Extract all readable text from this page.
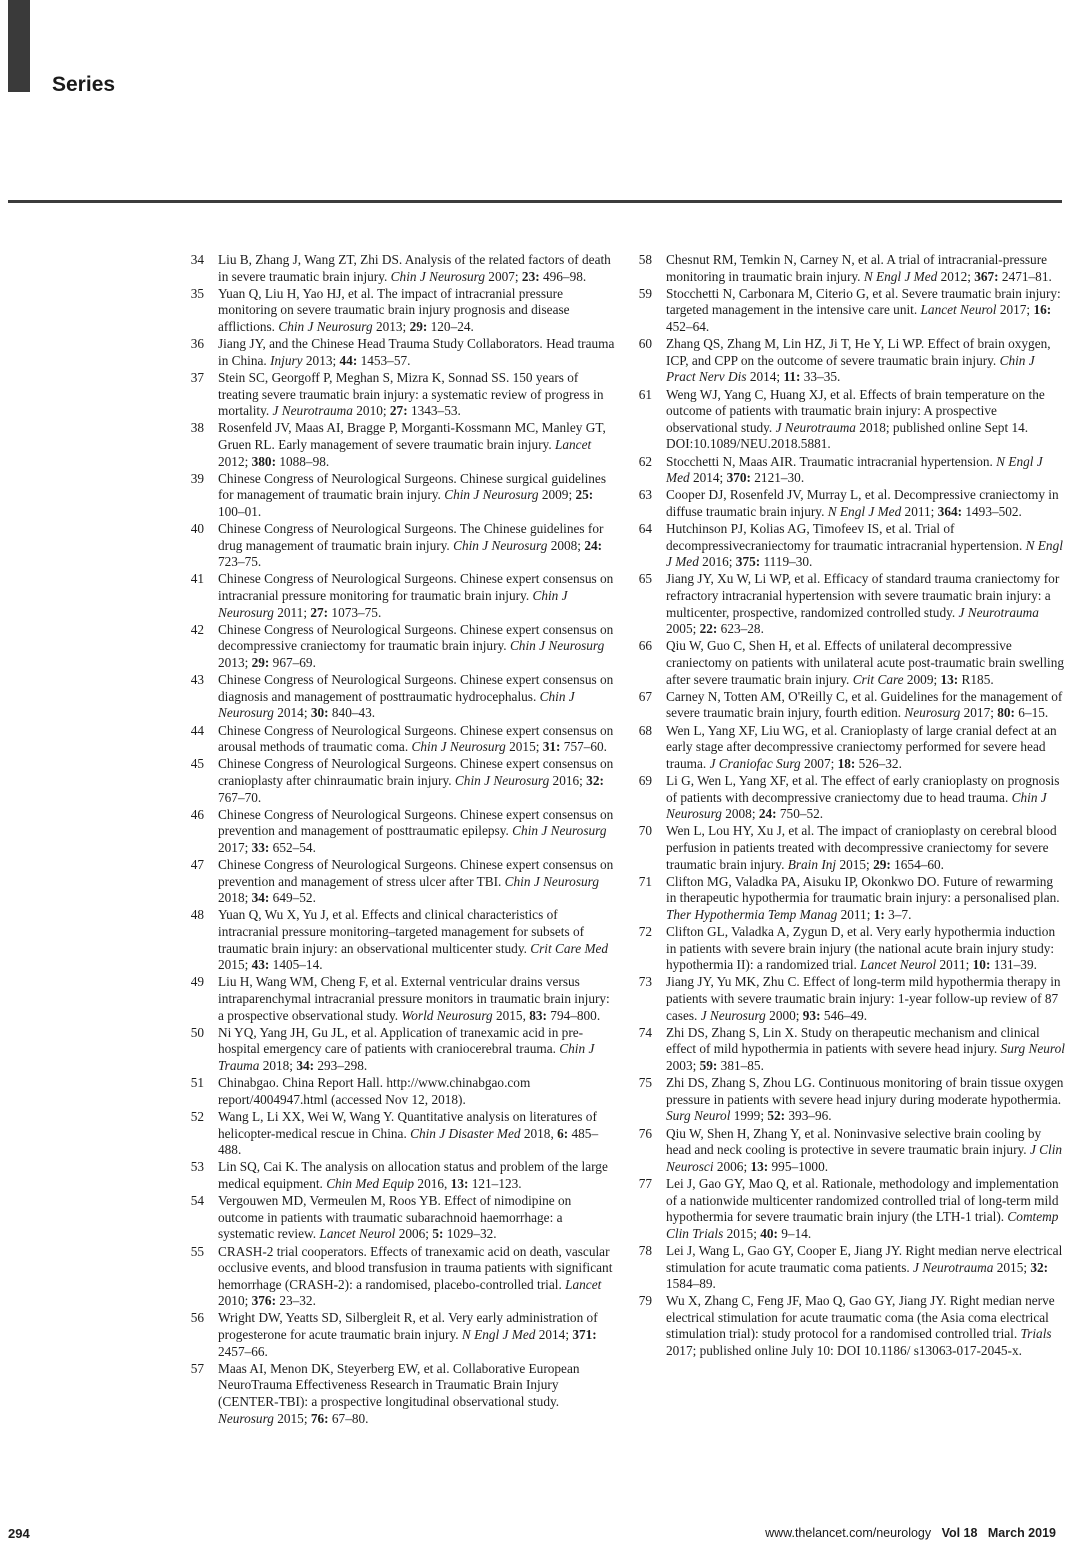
Series
34	Liu B, Zhang J, Wang ZT, Zhi DS. Analysis of the related factors of death in severe traumatic brain injury. Chin J Neurosurg 2007; 23: 496–98.
35	Yuan Q, Liu H, Yao HJ, et al. The impact of intracranial pressure monitoring on severe traumatic brain injury prognosis and disease afflictions. Chin J Neurosurg 2013; 29: 120–24.
36	Jiang JY, and the Chinese Head Trauma Study Collaborators. Head trauma in China. Injury 2013; 44: 1453–57.
37	Stein SC, Georgoff P, Meghan S, Mizra K, Sonnad SS. 150 years of treating severe traumatic brain injury: a systematic review of progress in mortality. J Neurotrauma 2010; 27: 1343–53.
38	Rosenfeld JV, Maas AI, Bragge P, Morganti-Kossmann MC, Manley GT, Gruen RL. Early management of severe traumatic brain injury. Lancet 2012; 380: 1088–98.
39	Chinese Congress of Neurological Surgeons. Chinese surgical guidelines for management of traumatic brain injury. Chin J Neurosurg 2009; 25: 100–01.
40	Chinese Congress of Neurological Surgeons. The Chinese guidelines for drug management of traumatic brain injury. Chin J Neurosurg 2008; 24: 723–75.
41	Chinese Congress of Neurological Surgeons. Chinese expert consensus on intracranial pressure monitoring for traumatic brain injury. Chin J Neurosurg 2011; 27: 1073–75.
42	Chinese Congress of Neurological Surgeons. Chinese expert consensus on decompressive craniectomy for traumatic brain injury. Chin J Neurosurg 2013; 29: 967–69.
43	Chinese Congress of Neurological Surgeons. Chinese expert consensus on diagnosis and management of posttraumatic hydrocephalus. Chin J Neurosurg 2014; 30: 840–43.
44	Chinese Congress of Neurological Surgeons. Chinese expert consensus on arousal methods of traumatic coma. Chin J Neurosurg 2015; 31: 757–60.
45	Chinese Congress of Neurological Surgeons. Chinese expert consensus on cranioplasty after chinraumatic brain injury. Chin J Neurosurg 2016; 32: 767–70.
46	Chinese Congress of Neurological Surgeons. Chinese expert consensus on prevention and management of posttraumatic epilepsy. Chin J Neurosurg 2017; 33: 652–54.
47	Chinese Congress of Neurological Surgeons. Chinese expert consensus on prevention and management of stress ulcer after TBI. Chin J Neurosurg 2018; 34: 649–52.
48	Yuan Q, Wu X, Yu J, et al. Effects and clinical characteristics of intracranial pressure monitoring–targeted management for subsets of traumatic brain injury: an observational multicenter study. Crit Care Med 2015; 43: 1405–14.
49	Liu H, Wang WM, Cheng F, et al. External ventricular drains versus intraparenchymal intracranial pressure monitors in traumatic brain injury: a prospective observational study. World Neurosurg 2015, 83: 794–800.
50	Ni YQ, Yang JH, Gu JL, et al. Application of tranexamic acid in pre-hospital emergency care of patients with craniocerebral trauma. Chin J Trauma 2018; 34: 293–298.
51	Chinabgao. China Report Hall. http://www.chinabgao.com report/4004947.html (accessed Nov 12, 2018).
52	Wang L, Li XX, Wei W, Wang Y. Quantitative analysis on literatures of helicopter-medical rescue in China. Chin J Disaster Med 2018, 6: 485–488.
53	Lin SQ, Cai K. The analysis on allocation status and problem of the large medical equipment. Chin Med Equip 2016, 13: 121–123.
54	Vergouwen MD, Vermeulen M, Roos YB. Effect of nimodipine on outcome in patients with traumatic subarachnoid haemorrhage: a systematic review. Lancet Neurol 2006; 5: 1029–32.
55	CRASH-2 trial cooperators. Effects of tranexamic acid on death, vascular occlusive events, and blood transfusion in trauma patients with significant hemorrhage (CRASH-2): a randomised, placebo-controlled trial. Lancet 2010; 376: 23–32.
56	Wright DW, Yeatts SD, Silbergleit R, et al. Very early administration of progesterone for acute traumatic brain injury. N Engl J Med 2014; 371: 2457–66.
57	Maas AI, Menon DK, Steyerberg EW, et al. Collaborative European NeuroTrauma Effectiveness Research in Traumatic Brain Injury (CENTER-TBI): a prospective longitudinal observational study. Neurosurg 2015; 76: 67–80.
58	Chesnut RM, Temkin N, Carney N, et al. A trial of intracranial-pressure monitoring in traumatic brain injury. N Engl J Med 2012; 367: 2471–81.
59	Stocchetti N, Carbonara M, Citerio G, et al. Severe traumatic brain injury: targeted management in the intensive care unit. Lancet Neurol 2017; 16: 452–64.
60	Zhang QS, Zhang M, Lin HZ, Ji T, He Y, Li WP. Effect of brain oxygen, ICP, and CPP on the outcome of severe traumatic brain injury. Chin J Pract Nerv Dis 2014; 11: 33–35.
61	Weng WJ, Yang C, Huang XJ, et al. Effects of brain temperature on the outcome of patients with traumatic brain injury: A prospective observational study. J Neurotrauma 2018; published online Sept 14. DOI:10.1089/NEU.2018.5881.
62	Stocchetti N, Maas AIR. Traumatic intracranial hypertension. N Engl J Med 2014; 370: 2121–30.
63	Cooper DJ, Rosenfeld JV, Murray L, et al. Decompressive craniectomy in diffuse traumatic brain injury. N Engl J Med 2011; 364: 1493–502.
64	Hutchinson PJ, Kolias AG, Timofeev IS, et al. Trial of decompressivecraniectomy for traumatic intracranial hypertension. N Engl J Med 2016; 375: 1119–30.
65	Jiang JY, Xu W, Li WP, et al. Efficacy of standard trauma craniectomy for refractory intracranial hypertension with severe traumatic brain injury: a multicenter, prospective, randomized controlled study. J Neurotrauma 2005; 22: 623–28.
66	Qiu W, Guo C, Shen H, et al. Effects of unilateral decompressive craniectomy on patients with unilateral acute post-traumatic brain swelling after severe traumatic brain injury. Crit Care 2009; 13: R185.
67	Carney N, Totten AM, O'Reilly C, et al. Guidelines for the management of severe traumatic brain injury, fourth edition. Neurosurg 2017; 80: 6–15.
68	Wen L, Yang XF, Liu WG, et al. Cranioplasty of large cranial defect at an early stage after decompressive craniectomy performed for severe head trauma. J Craniofac Surg 2007; 18: 526–32.
69	Li G, Wen L, Yang XF, et al. The effect of early cranioplasty on prognosis of patients with decompressive craniectomy due to head trauma. Chin J Neurosurg 2008; 24: 750–52.
70	Wen L, Lou HY, Xu J, et al. The impact of cranioplasty on cerebral blood perfusion in patients treated with decompressive craniectomy for severe traumatic brain injury. Brain Inj 2015; 29: 1654–60.
71	Clifton MG, Valadka PA, Aisuku IP, Okonkwo DO. Future of rewarming in therapeutic hypothermia for traumatic brain injury: a personalised plan. Ther Hypothermia Temp Manag 2011; 1: 3–7.
72	Clifton GL, Valadka A, Zygun D, et al. Very early hypothermia induction in patients with severe brain injury (the national acute brain injury study: hypothermia II): a randomized trial. Lancet Neurol 2011; 10: 131–39.
73	Jiang JY, Yu MK, Zhu C. Effect of long-term mild hypothermia therapy in patients with severe traumatic brain injury: 1-year follow-up review of 87 cases. J Neurosurg 2000; 93: 546–49.
74	Zhi DS, Zhang S, Lin X. Study on therapeutic mechanism and clinical effect of mild hypothermia in patients with severe head injury. Surg Neurol 2003; 59: 381–85.
75	Zhi DS, Zhang S, Zhou LG. Continuous monitoring of brain tissue oxygen pressure in patients with severe head injury during moderate hypothermia. Surg Neurol 1999; 52: 393–96.
76	Qiu W, Shen H, Zhang Y, et al. Noninvasive selective brain cooling by head and neck cooling is protective in severe traumatic brain injury. J Clin Neurosci 2006; 13: 995–1000.
77	Lei J, Gao GY, Mao Q, et al. Rationale, methodology and implementation of a nationwide multicenter randomized controlled trial of long-term mild hypothermia for severe traumatic brain injury (the LTH-1 trial). Comtemp Clin Trials 2015; 40: 9–14.
78	Lei J, Wang L, Gao GY, Cooper E, Jiang JY. Right median nerve electrical stimulation for acute traumatic coma patients. J Neurotrauma 2015; 32: 1584–89.
79	Wu X, Zhang C, Feng JF, Mao Q, Gao GY, Jiang JY. Right median nerve electrical stimulation for acute traumatic coma (the Asia coma electrical stimulation trial): study protocol for a randomised controlled trial. Trials 2017; published online July 10: DOI 10.1186/ s13063-017-2045-x.
294	www.thelancet.com/neurology Vol 18 March 2019
